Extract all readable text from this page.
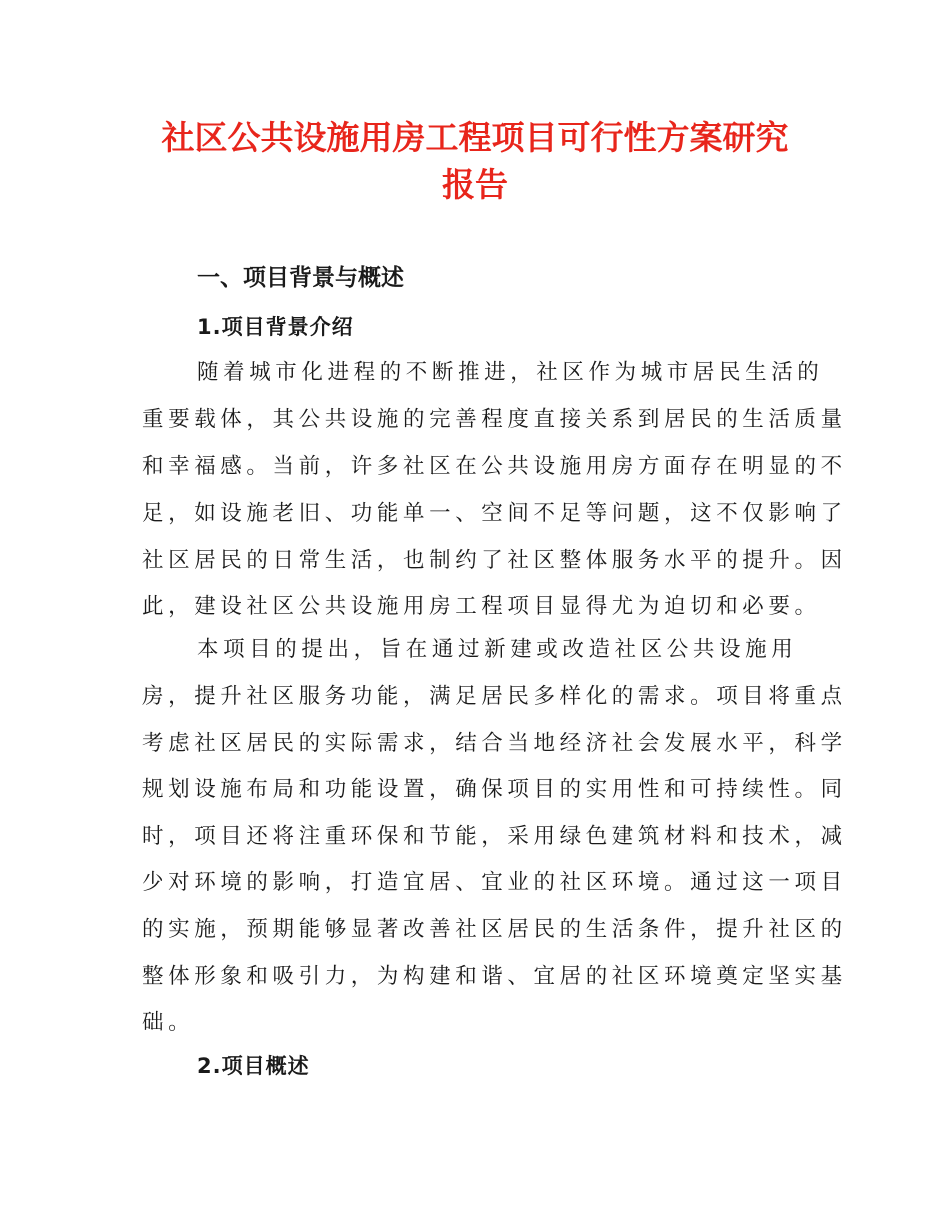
社区公共设施用房工程项目可行性方案研究
报告
一、项目背景与概述
1.项目背景介绍

随着城市化进程的不断推进，社区作为城市居民生活的

重要载体，其公共设施的完善程度直接关系到居民的生活质量

和幸福感。当前，许多社区在公共设施用房方面存在明显的不

足，如设施老旧、功能单一、空间不足等问题，这不仅影响了

社区居民的日常生活，也制约了社区整体服务水平的提升。因

此，建设社区公共设施用房工程项目显得尤为迫切和必要。

本项目的提出，旨在通过新建或改造社区公共设施用

房，提升社区服务功能，满足居民多样化的需求。项目将重点

考虑社区居民的实际需求，结合当地经济社会发展水平，科学

规划设施布局和功能设置，确保项目的实用性和可持续性。同

时，项目还将注重环保和节能，采用绿色建筑材料和技术，减

少对环境的影响，打造宜居、宜业的社区环境。通过这一项目

的实施，预期能够显著改善社区居民的生活条件，提升社区的

整体形象和吸引力，为构建和谐、宜居的社区环境奠定坚实基

础。

2.项目概述
